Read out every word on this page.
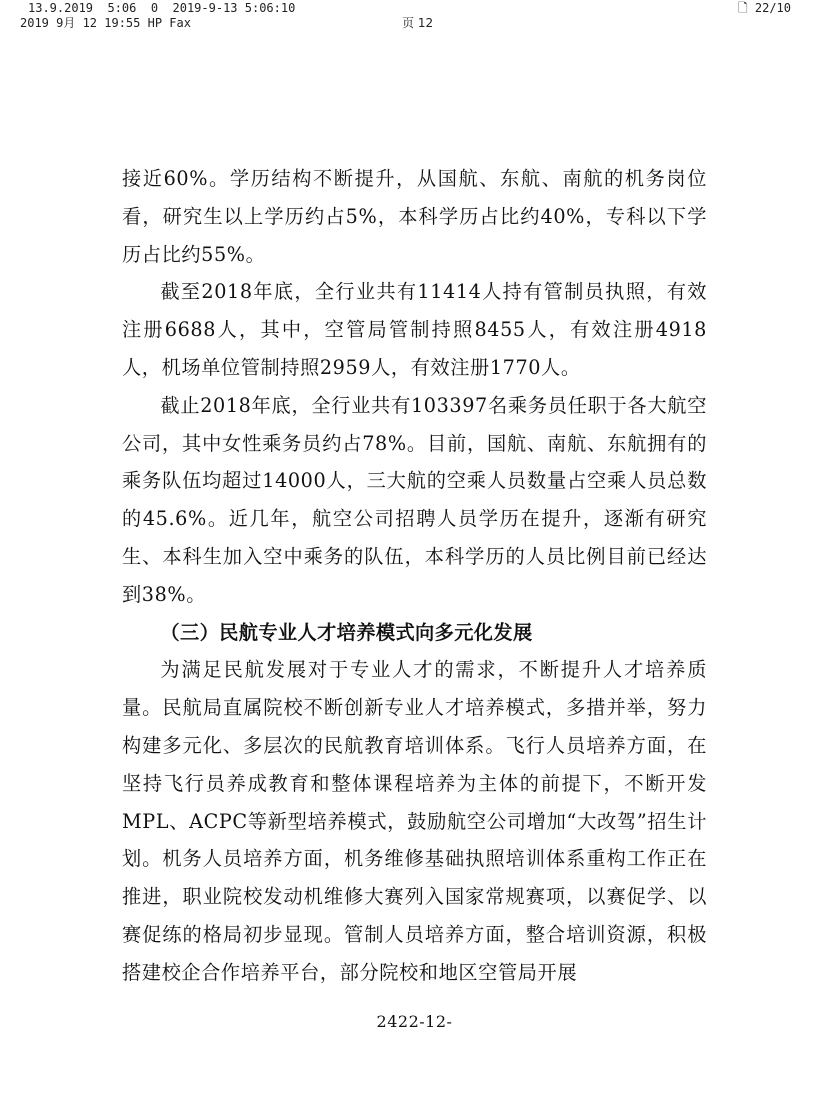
13.9.2019  5:06  0  2019-9-13 5:06:10
2019 9月 12 19:55 HP Fax	页 12
🗋 22/10

接近60%。学历结构不断提升，从国航、东航、南航的机务岗位看，研究生以上学历约占5%，本科学历占比约40%，专科以下学历占比约55%。

截至2018年底，全行业共有11414人持有管制员执照，有效注册6688人，其中，空管局管制持照8455人，有效注册4918人，机场单位管制持照2959人，有效注册1770人。

截止2018年底，全行业共有103397名乘务员任职于各大航空公司，其中女性乘务员约占78%。目前，国航、南航、东航拥有的乘务队伍均超过14000人，三大航的空乘人员数量占空乘人员总数的45.6%。近几年，航空公司招聘人员学历在提升，逐渐有研究生、本科生加入空中乘务的队伍，本科学历的人员比例目前已经达到38%。

（三）民航专业人才培养模式向多元化发展

为满足民航发展对于专业人才的需求，不断提升人才培养质量。民航局直属院校不断创新专业人才培养模式，多措并举，努力构建多元化、多层次的民航教育培训体系。飞行人员培养方面，在坚持飞行员养成教育和整体课程培养为主体的前提下，不断开发MPL、ACPC等新型培养模式，鼓励航空公司增加“大改驾”招生计划。机务人员培养方面，机务维修基础执照培训体系重构工作正在推进，职业院校发动机维修大赛列入国家常规赛项，以赛促学、以赛促练的格局初步显现。管制人员培养方面，整合培训资源，积极搭建校企合作培养平台，部分院校和地区空管局开展

2422-12-
